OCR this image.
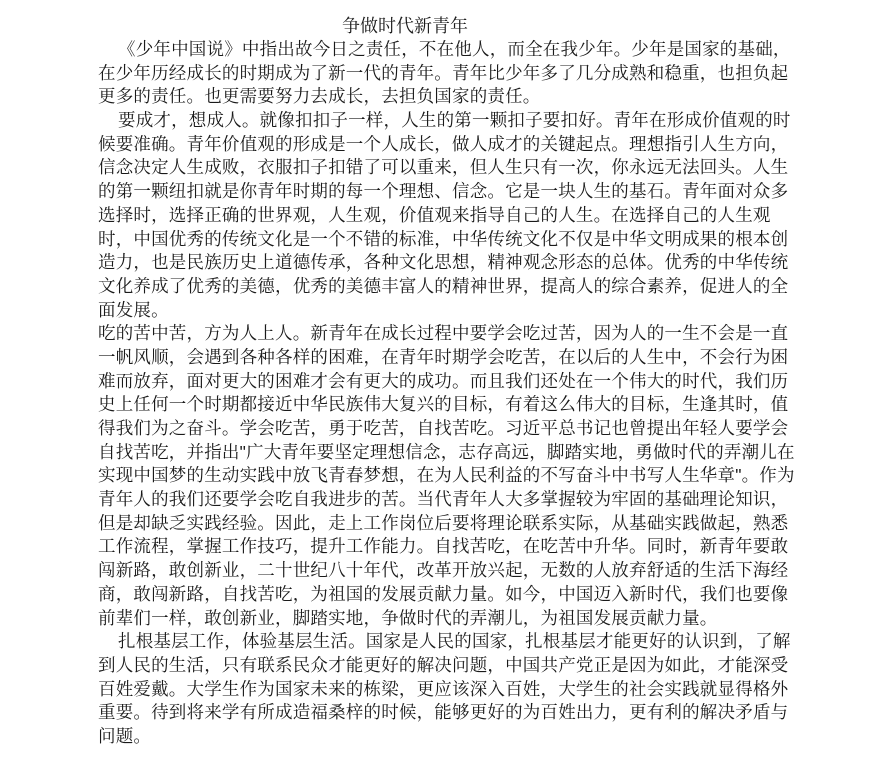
争做时代新青年
《少年中国说》中指出故今日之责任，不在他人，而全在我少年。少年是国家的基础，
在少年历经成长的时期成为了新一代的青年。青年比少年多了几分成熟和稳重，也担负起
更多的责任。也更需要努力去成长，去担负国家的责任。
要成才，想成人。就像扣扣子一样，人生的第一颗扣子要扣好。青年在形成价值观的时
候要准确。青年价值观的形成是一个人成长，做人成才的关键起点。理想指引人生方向，
信念决定人生成败，衣服扣子扣错了可以重来，但人生只有一次，你永远无法回头。人生
的第一颗纽扣就是你青年时期的每一个理想、信念。它是一块人生的基石。青年面对众多
选择时，选择正确的世界观，人生观，价值观来指导自己的人生。在选择自己的人生观
时，中国优秀的传统文化是一个不错的标准，中华传统文化不仅是中华文明成果的根本创
造力，也是民族历史上道德传承，各种文化思想，精神观念形态的总体。优秀的中华传统
文化养成了优秀的美德，优秀的美德丰富人的精神世界，提高人的综合素养，促进人的全
面发展。
吃的苦中苦，方为人上人。新青年在成长过程中要学会吃过苦，因为人的一生不会是一直
一帆风顺，会遇到各种各样的困难，在青年时期学会吃苦，在以后的人生中，不会行为困
难而放弃，面对更大的困难才会有更大的成功。而且我们还处在一个伟大的时代，我们历
史上任何一个时期都接近中华民族伟大复兴的目标，有着这么伟大的目标，生逢其时，值
得我们为之奋斗。学会吃苦，勇于吃苦，自找苦吃。习近平总书记也曾提出年轻人要学会
自找苦吃，并指出"广大青年要坚定理想信念，志存高远，脚踏实地，勇做时代的弄潮儿在
实现中国梦的生动实践中放飞青春梦想，在为人民利益的不写奋斗中书写人生华章"。作为
青年人的我们还要学会吃自我进步的苦。当代青年人大多掌握较为牢固的基础理论知识，
但是却缺乏实践经验。因此，走上工作岗位后要将理论联系实际，从基础实践做起，熟悉
工作流程，掌握工作技巧，提升工作能力。自找苦吃，在吃苦中升华。同时，新青年要敢
闯新路，敢创新业，二十世纪八十年代，改革开放兴起，无数的人放弃舒适的生活下海经
商，敢闯新路，自找苦吃，为祖国的发展贡献力量。如今，中国迈入新时代，我们也要像
前辈们一样，敢创新业，脚踏实地，争做时代的弄潮儿，为祖国发展贡献力量。
扎根基层工作，体验基层生活。国家是人民的国家，扎根基层才能更好的认识到，了解
到人民的生活，只有联系民众才能更好的解决问题，中国共产党正是因为如此，才能深受
百姓爱戴。大学生作为国家未来的栋梁，更应该深入百姓，大学生的社会实践就显得格外
重要。待到将来学有所成造福桑梓的时候，能够更好的为百姓出力，更有利的解决矛盾与
问题。
